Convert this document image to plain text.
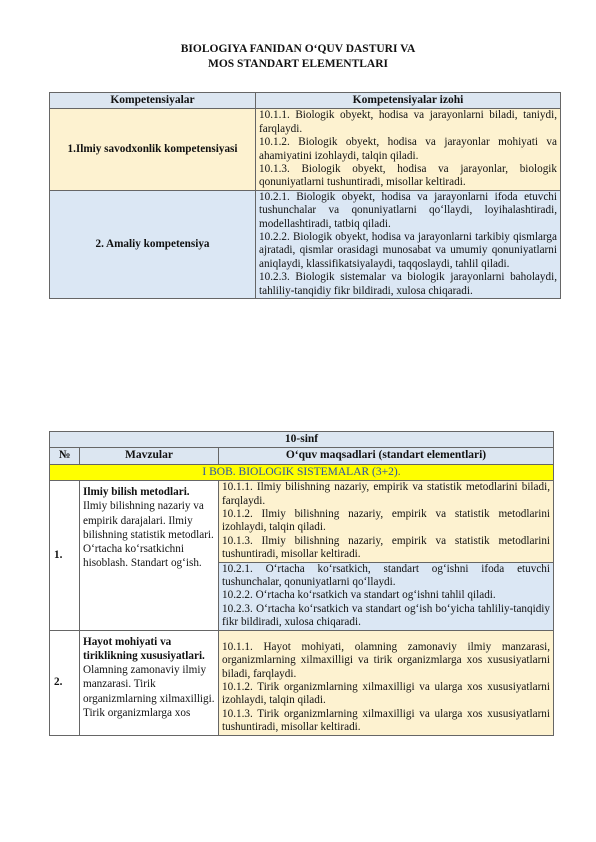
BIOLOGIYA FANIDAN O‘QUV DASTURI VA
MOS STANDART ELEMENTLARI
Kompetensiyalar	Kompetensiyalar izohi
1.Ilmiy savodxonlik kompetensiyasi	10.1.1. Biologik obyekt, hodisa va jarayonlarni biladi, taniydi, farqlaydi.

10.1.2. Biologik obyekt, hodisa va jarayonlar mohiyati va ahamiyatini izohlaydi, talqin qiladi.

10.1.3. Biologik obyekt, hodisa va jarayonlar, biologik qonuniyatlarni tushuntiradi, misollar keltiradi.

2. Amaliy kompetensiya	10.2.1. Biologik obyekt, hodisa va jarayonlarni ifoda etuvchi tushunchalar va qonuniyatlarni qo‘llaydi, loyihalashtiradi, modellashtiradi, tatbiq qiladi.

10.2.2. Biologik obyekt, hodisa va jarayonlarni tarkibiy qismlarga ajratadi, qismlar orasidagi munosabat va umumiy qonuniyatlarni aniqlaydi, klassifikatsiyalaydi, taqqoslaydi, tahlil qiladi.

10.2.3. Biologik sistemalar va biologik jarayonlarni baholaydi, tahliliy-tanqidiy fikr bildiradi, xulosa chiqaradi.

10-sinf		
№	Mavzular	O‘quv maqsadlari (standart elementlari)
I BOB. BIOLOGIK SISTEMALAR (3+2).		
1.	Ilmiy bilish metodlari. Ilmiy bilishning nazariy va empirik darajalari. Ilmiy bilishning statistik metodlari. O‘rtacha ko‘rsatkichni hisoblash. Standart og‘ish.	10.1.1. Ilmiy bilishning nazariy, empirik va statistik metodlarini biladi, farqlaydi.

10.1.2. Ilmiy bilishning nazariy, empirik va statistik metodlarini izohlaydi, talqin qiladi.

10.1.3. Ilmiy bilishning nazariy, empirik va statistik metodlarini tushuntiradi, misollar keltiradi.

		10.2.1. O‘rtacha ko‘rsatkich, standart og‘ishni ifoda etuvchi tushunchalar, qonuniyatlarni qo‘llaydi.

10.2.2. O‘rtacha ko‘rsatkich va standart og‘ishni tahlil qiladi.

10.2.3. O‘rtacha ko‘rsatkich va standart og‘ish bo‘yicha tahliliy-tanqidiy fikr bildiradi, xulosa chiqaradi.

2.	Hayot mohiyati va tiriklikning xususiyatlari. Olamning zamonaviy ilmiy manzarasi. Tirik organizmlarning xilmaxilligi. Tirik organizmlarga xos	10.1.1. Hayot mohiyati, olamning zamonaviy ilmiy manzarasi, organizmlarning xilmaxilligi va tirik organizmlarga xos xususiyatlarni biladi, farqlaydi.

10.1.2. Tirik organizmlarning xilmaxilligi va ularga xos xususiyatlarni izohlaydi, talqin qiladi.

10.1.3. Tirik organizmlarning xilmaxilligi va ularga xos xususiyatlarni tushuntiradi, misollar keltiradi.
